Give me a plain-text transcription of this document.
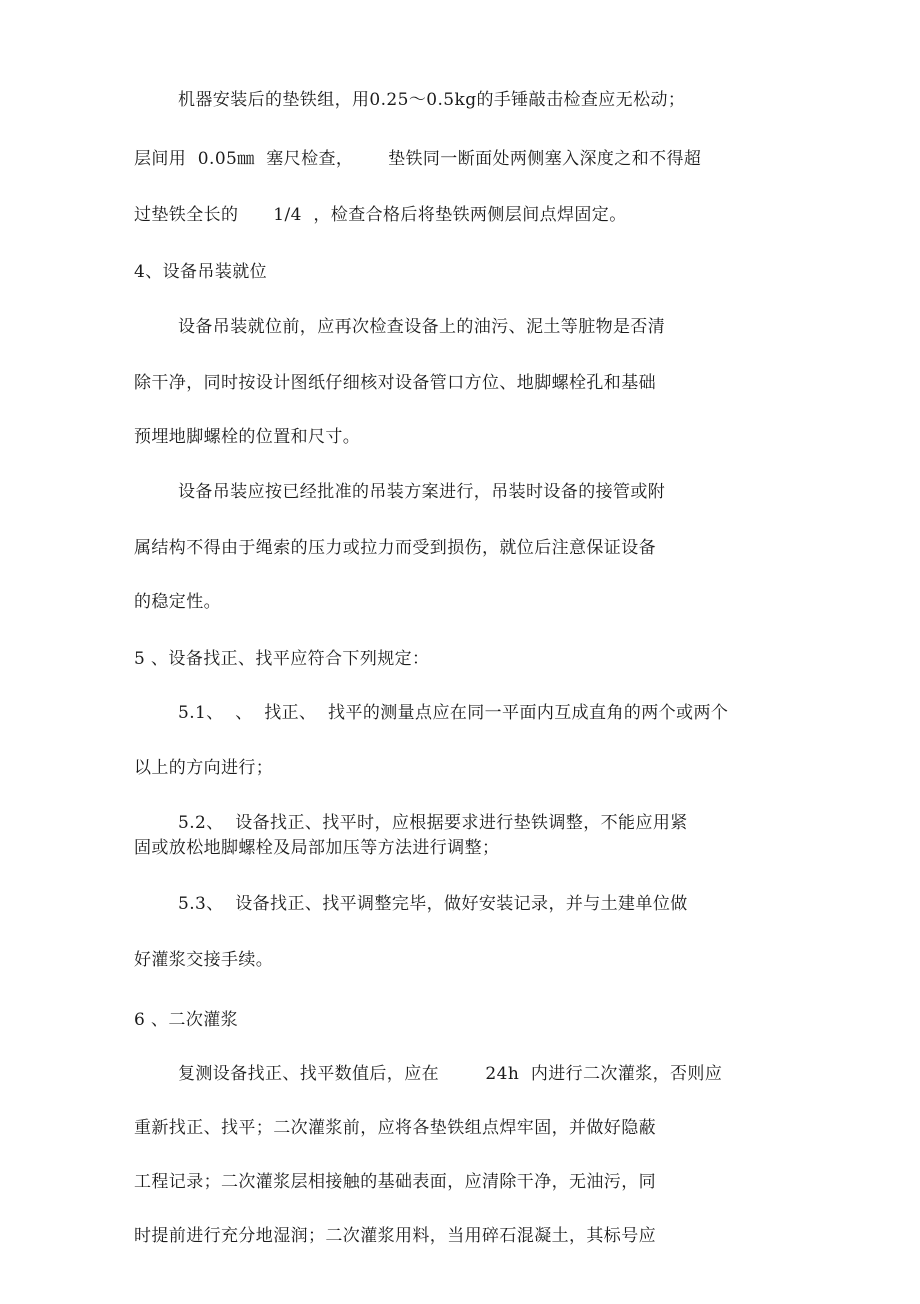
机器安装后的垫铁组，用0.25～0.5kg的手锤敲击检查应无松动；
层间用  0.05㎜  塞尺检查，      垫铁同一断面处两侧塞入深度之和不得超
过垫铁全长的      1/4  ，检查合格后将垫铁两侧层间点焊固定。
4、设备吊装就位
设备吊装就位前，应再次检查设备上的油污、泥土等脏物是否清
除干净，同时按设计图纸仔细核对设备管口方位、地脚螺栓孔和基础
预埋地脚螺栓的位置和尺寸。
设备吊装应按已经批准的吊装方案进行，吊装时设备的接管或附
属结构不得由于绳索的压力或拉力而受到损伤，就位后注意保证设备
的稳定性。
5 、设备找正、找平应符合下列规定：
5.1、  、  找正、  找平的测量点应在同一平面内互成直角的两个或两个
以上的方向进行；
5.2、  设备找正、找平时，应根据要求进行垫铁调整，不能应用紧
固或放松地脚螺栓及局部加压等方法进行调整；
5.3、  设备找正、找平调整完毕，做好安装记录，并与土建单位做
好灌浆交接手续。
6 、二次灌浆
复测设备找正、找平数值后，应在        24h  内进行二次灌浆，否则应
重新找正、找平；二次灌浆前，应将各垫铁组点焊牢固，并做好隐蔽
工程记录；二次灌浆层相接触的基础表面，应清除干净，无油污，同
时提前进行充分地湿润；二次灌浆用料，当用碎石混凝土，其标号应
